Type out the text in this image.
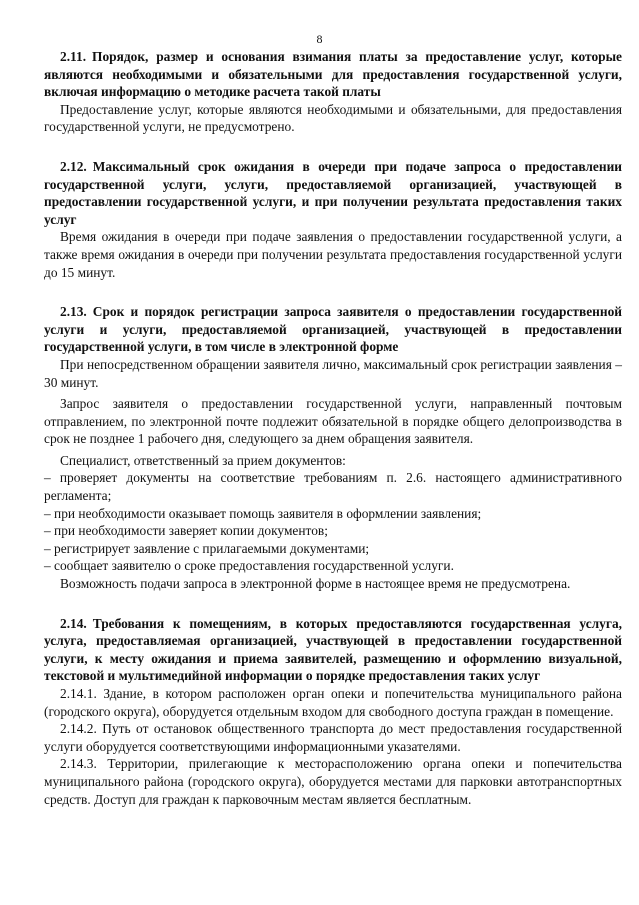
8

2.11. Порядок, размер и основания взимания платы за предоставление услуг, которые являются необходимыми и обязательными для предоставления государственной услуги, включая информацию о методике расчета такой платы

Предоставление услуг, которые являются необходимыми и обязательными, для предоставления государственной услуги, не предусмотрено.

2.12. Максимальный срок ожидания в очереди при подаче запроса о предоставлении государственной услуги, услуги, предоставляемой организацией, участвующей в предоставлении государственной услуги, и при получении результата предоставления таких услуг

Время ожидания в очереди при подаче заявления о предоставлении государственной услуги, а также время ожидания в очереди при получении результата предоставления государственной услуги до 15 минут.

2.13. Срок и порядок регистрации запроса заявителя о предоставлении государственной услуги и услуги, предоставляемой организацией, участвующей в предоставлении государственной услуги, в том числе в электронной форме

При непосредственном обращении заявителя лично, максимальный срок регистрации заявления – 30 минут.

Запрос заявителя о предоставлении государственной услуги, направленный почтовым отправлением, по электронной почте подлежит обязательной в порядке общего делопроизводства в срок не позднее 1 рабочего дня, следующего за днем обращения заявителя.

Специалист, ответственный за прием документов:

– проверяет документы на соответствие требованиям п. 2.6. настоящего административного регламента;

– при необходимости оказывает помощь заявителя в оформлении заявления;

– при необходимости заверяет копии документов;

– регистрирует заявление с прилагаемыми документами;

– сообщает заявителю о сроке предоставления государственной услуги.

Возможность подачи запроса в электронной форме в настоящее время не предусмотрена.

2.14. Требования к помещениям, в которых предоставляются государственная услуга, услуга, предоставляемая организацией, участвующей в предоставлении государственной услуги, к месту ожидания и приема заявителей, размещению и оформлению визуальной, текстовой и мультимедийной информации о порядке предоставления таких услуг

2.14.1. Здание, в котором расположен орган опеки и попечительства муниципального района (городского округа), оборудуется отдельным входом для свободного доступа граждан в помещение.

2.14.2. Путь от остановок общественного транспорта до мест предоставления государственной услуги оборудуется соответствующими информационными указателями.

2.14.3. Территории, прилегающие к месторасположению органа опеки и попечительства муниципального района (городского округа), оборудуется местами для парковки автотранспортных средств. Доступ для граждан к парковочным местам является бесплатным.
